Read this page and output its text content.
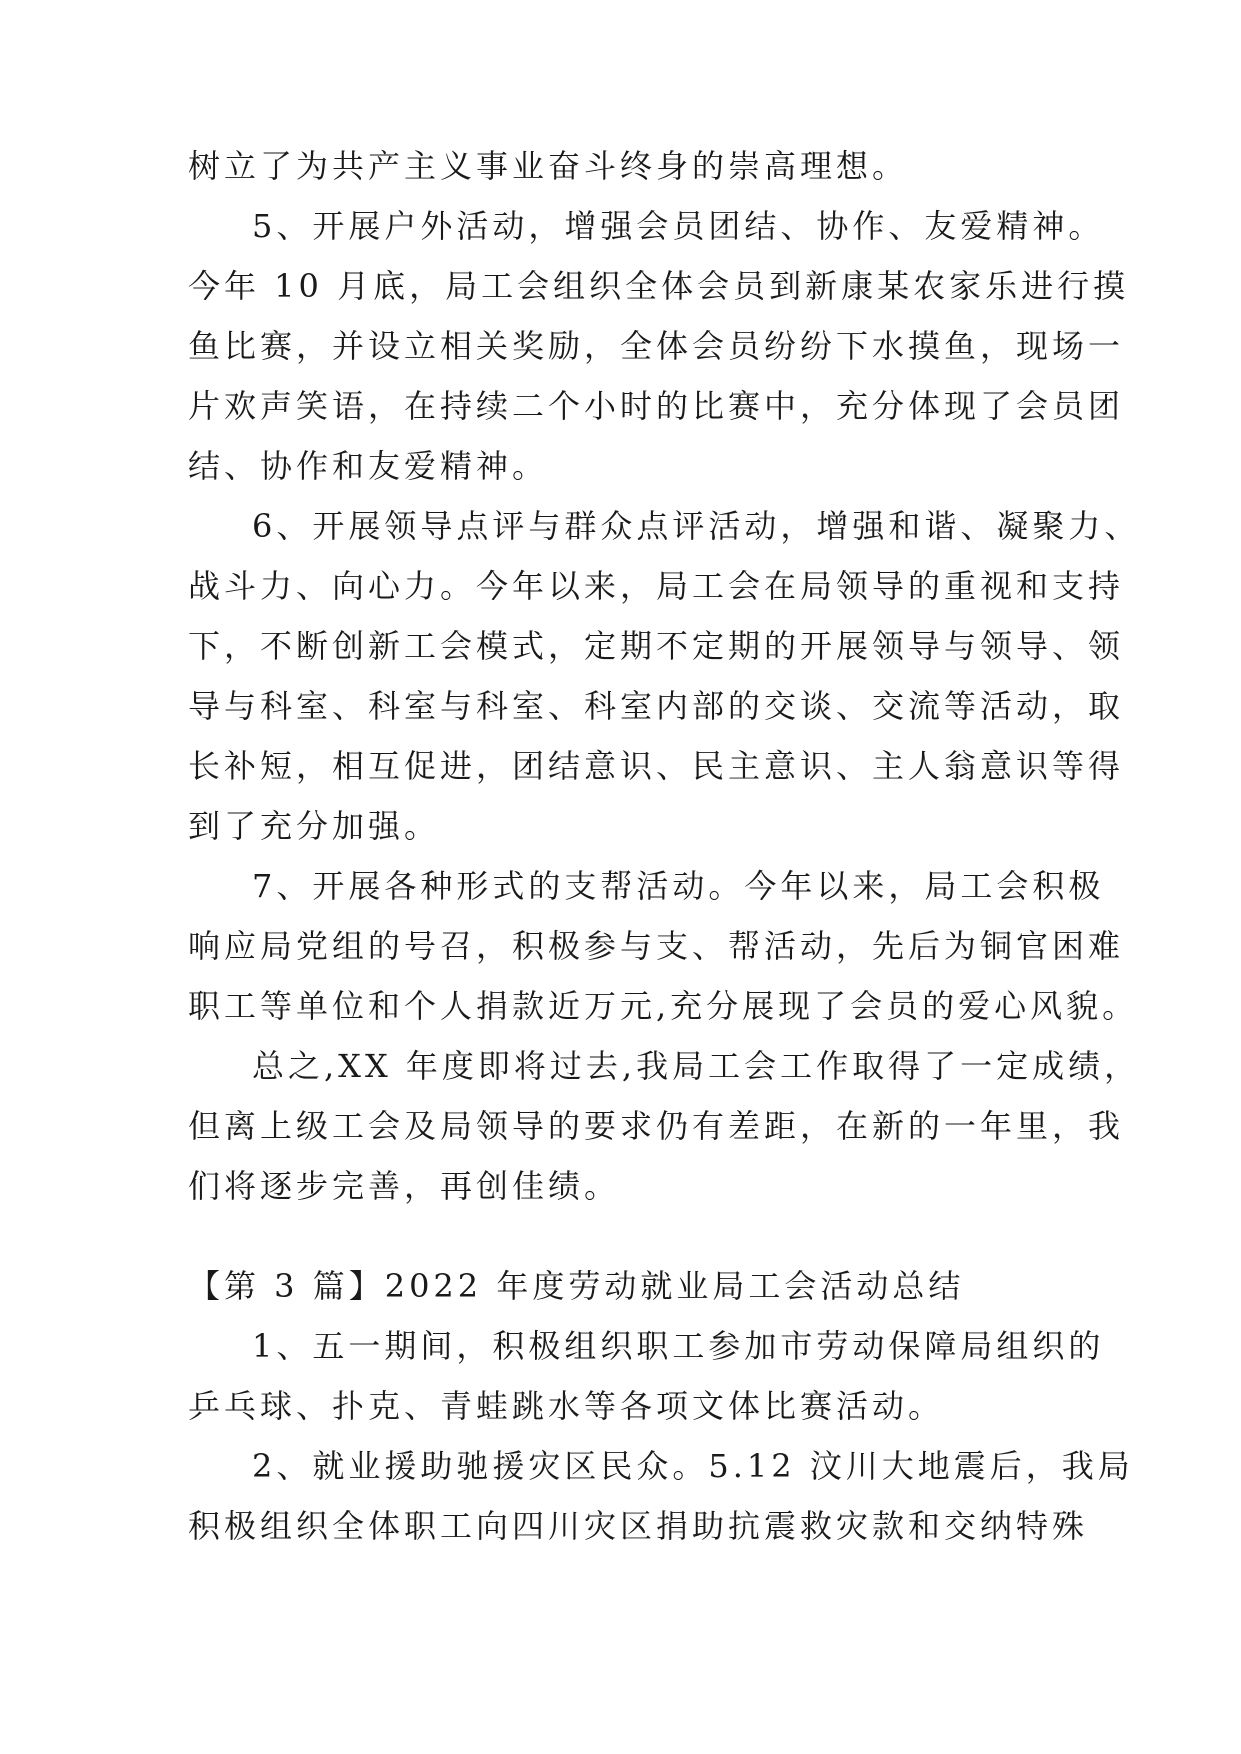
树立了为共产主义事业奋斗终身的崇高理想。
5、开展户外活动，增强会员团结、协作、友爱精神。
今年 10 月底，局工会组织全体会员到新康某农家乐进行摸
鱼比赛，并设立相关奖励，全体会员纷纷下水摸鱼，现场一
片欢声笑语，在持续二个小时的比赛中，充分体现了会员团
结、协作和友爱精神。
6、开展领导点评与群众点评活动，增强和谐、凝聚力、
战斗力、向心力。今年以来，局工会在局领导的重视和支持
下，不断创新工会模式，定期不定期的开展领导与领导、领
导与科室、科室与科室、科室内部的交谈、交流等活动，取
长补短，相互促进，团结意识、民主意识、主人翁意识等得
到了充分加强。
7、开展各种形式的支帮活动。今年以来，局工会积极
响应局党组的号召，积极参与支、帮活动，先后为铜官困难
职工等单位和个人捐款近万元,充分展现了会员的爱心风貌。
总之,XX 年度即将过去,我局工会工作取得了一定成绩，
但离上级工会及局领导的要求仍有差距，在新的一年里，我
们将逐步完善，再创佳绩。
【第 3 篇】2022 年度劳动就业局工会活动总结
1、五一期间，积极组织职工参加市劳动保障局组织的
乒乓球、扑克、青蛙跳水等各项文体比赛活动。
2、就业援助驰援灾区民众。5.12 汶川大地震后，我局
积极组织全体职工向四川灾区捐助抗震救灾款和交纳特殊
